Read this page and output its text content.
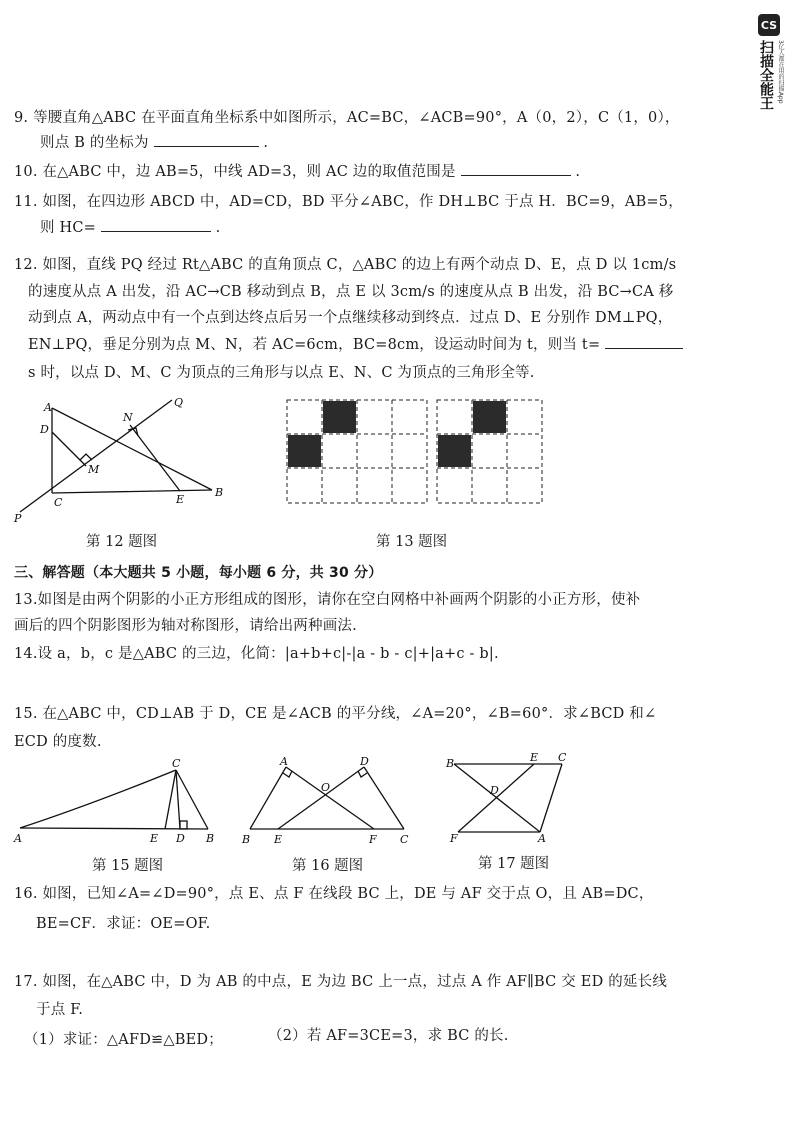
CS
扫描全能王 3亿人都在用的扫描App
9. 等腰直角△ABC 在平面直角坐标系中如图所示，AC=BC，∠ACB=90°，A（0，2），C（1，0），
则点 B 的坐标为	.
10. 在△ABC 中，边 AB=5，中线 AD=3，则 AC 边的取值范围是	.
11. 如图，在四边形 ABCD 中，AD=CD，BD 平分∠ABC，作 DH⊥BC 于点 H．BC=9，AB=5，
则 HC=	.
12. 如图，直线 PQ 经过 Rt△ABC 的直角顶点 C，△ABC 的边上有两个动点 D、E，点 D 以 1cm/s
的速度从点 A 出发，沿 AC→CB 移动到点 B，点 E 以 3cm/s 的速度从点 B 出发，沿 BC→CA 移
动到点 A，两动点中有一个点到达终点后另一个点继续移动到终点．过点 D、E 分别作 DM⊥PQ，
EN⊥PQ，垂足分别为点 M、N，若 AC=6cm，BC=8cm，设运动时间为 t，则当 t=
s 时，以点 D、M、C 为顶点的三角形与以点 E、N、C 为顶点的三角形全等.
A
D
N
Q
M
C	E
B
P
第 12 题图	第 13 题图
三、解答题（本大题共 5 小题，每小题 6 分，共 30 分）
13.如图是由两个阴影的小正方形组成的图形，请你在空白网格中补画两个阴影的小正方形，使补
画后的四个阴影图形为轴对称图形，请给出两种画法.
14.设 a，b，c 是△ABC 的三边，化简：|a+b+c|-|a - b - c|+|a+c - b|.
15. 在△ABC 中，CD⊥AB 于 D，CE 是∠ACB 的平分线，∠A=20°，∠B=60°．求∠BCD 和∠
ECD 的度数.
C
A	E D B
第 15 题图
A	D
O
B E	F C
第 16 题图
B	E C
D
F	A
第 17 题图
16. 如图，已知∠A=∠D=90°，点 E、点 F 在线段 BC 上，DE 与 AF 交于点 O，且 AB=DC，
BE=CF．求证：OE=OF.
17. 如图，在△ABC 中，D 为 AB 的中点，E 为边 BC 上一点，过点 A 作 AF∥BC 交 ED 的延长线
于点 F.
（1）求证：△AFD≌△BED；	（2）若 AF=3CE=3，求 BC 的长.
